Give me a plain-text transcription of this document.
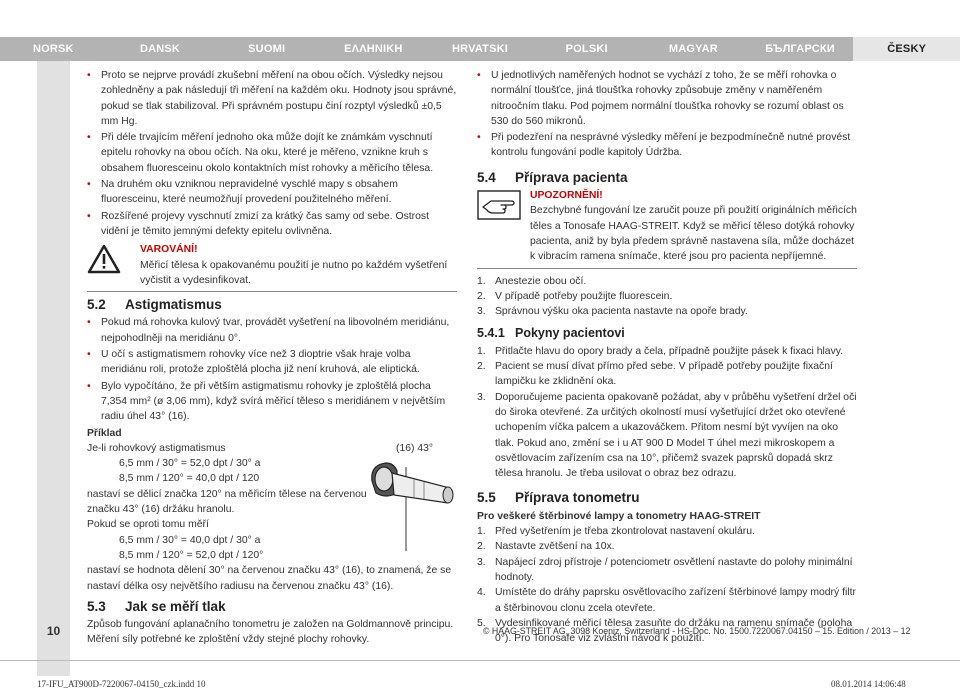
NORSK	DANSK	SUOMI	ΕΛΛΗΝΙΚΗ	HRVATSKI	POLSKI	MAGYAR	БЪЛГАРСКИ	ČESKY
10

• Proto se nejprve provádí zkušební měření na obou očích. Výsledky nejsou zohledněny a pak následují tři měření na každém oku. Hodnoty jsou správné, pokud se tlak stabilizoval. Při správném postupu činí rozptyl výsledků ±0,5 mm Hg.

• Při déle trvajícím měření jednoho oka může dojít ke známkám vyschnutí epitelu rohovky na obou očích. Na oku, které je měřeno, vznikne kruh s obsahem fluoresceinu okolo kontaktních míst rohovky a měřicího tělesa.

• Na druhém oku vzniknou nepravidelné vyschlé mapy s obsahem fluoresceinu, které neumožňují provedení použitelného měření.

• Rozšířené projevy vyschnutí zmizí za krátký čas samy od sebe. Ostrost vidění je těmito jemnými defekty epitelu ovlivněna.

VAROVÁNÍ!

Měřicí tělesa k opakovanému použití je nutno po každém vyšetření vyčistit a vydesinfikovat.

5.2 Astigmatismus

• Pokud má rohovka kulový tvar, provádět vyšetření na libovolném meridiánu, nejpohodlněji na meridiánu 0°.

• U očí s astigmatismem rohovky více než 3 dioptrie však hraje volba meridiánu roli, protože zploštělá plocha již není kruhová, ale eliptická.

• Bylo vypočítáno, že při větším astigmatismu rohovky je zploštělá plocha 7,354 mm² (ø 3,06 mm), když svírá měřicí těleso s meridiánem v největším radiu úhel 43° (16).

Příklad

Je-li rohovkový astigmatismus	(16) 43°

6,5 mm / 30° = 52,0 dpt / 30° a

8,5 mm / 120° = 40,0 dpt / 120

nastaví se dělicí značka 120° na měřicím tělese na červenou

značku 43° (16) držáku hranolu.

Pokud se oproti tomu měří

6,5 mm / 30° = 40,0 dpt / 30° a

8,5 mm / 120° = 52,0 dpt / 120°

nastaví se hodnota dělení 30° na červenou značku 43° (16), to znamená, že se nastaví délka osy největšího radiusu na červenou značku 43° (16).

5.3 Jak se měří tlak

Způsob fungování aplanačního tonometru je založen na Goldmannově principu. Měření síly potřebné ke zploštění vždy stejné plochy rohovky.

• U jednotlivých naměřených hodnot se vychází z toho, že se měří rohovka o normální tloušťce, jiná tloušťka rohovky způsobuje změny v naměřeném nitroočním tlaku. Pod pojmem normální tloušťka rohovky se rozumí oblast os 530 do 560 mikronů.

• Při podezření na nesprávné výsledky měření je bezpodmínečně nutné provést kontrolu fungování podle kapitoly Údržba.

5.4 Příprava pacienta

UPOZORNĚNÍ!

Bezchybné fungování lze zaručit pouze při použití originálních měřicích těles a Tonosafe HAAG-STREIT. Když se měřicí těleso dotýká rohovky pacienta, aniž by byla předem správně nastavena síla, může docházet k vibracím ramena snímače, které jsou pro pacienta nepříjemné.

1. Anestezie obou očí.

2. V případě potřeby použijte fluorescein.

3. Správnou výšku oka pacienta nastavte na opoře brady.

5.4.1 Pokyny pacientovi

1. Přitlačte hlavu do opory brady a čela, případně použijte pásek k fixaci hlavy.

2. Pacient se musí dívat přímo před sebe. V případě potřeby použijte fixační lampičku ke zklidnění oka.

3. Doporučujeme pacienta opakovaně požádat, aby v průběhu vyšetření držel oči do široka otevřené. Za určitých okolností musí vyšetřující držet oko otevřené uchopením víčka palcem a ukazováčkem. Přitom nesmí být vyvíjen na oko tlak. Pokud ano, změní se i u AT 900 D Model T úhel mezi mikroskopem a osvětlovacím zařízením csa na 10°, přičemž svazek paprsků dopadá skrz tělesa hranolu. Je třeba usilovat o obraz bez odrazu.

5.5 Příprava tonometru

Pro veškeré štěrbinové lampy a tonometry HAAG-STREIT

1. Před vyšetřením je třeba zkontrolovat nastavení okuláru.

2. Nastavte zvětšení na 10x.

3. Napájecí zdroj přístroje / potenciometr osvětlení nastavte do polohy minimální hodnoty.

4. Umístěte do dráhy paprsku osvětlovacího zařízení štěrbinové lampy modrý filtr a štěrbinovou clonu zcela otevřete.

5. Vydesinfikované měřicí tělesa zasuňte do držáku na ramenu snímače (poloha 0°). Pro Tonosafe viz zvláštní návod k použití.

© HAAG-STREIT AG, 3098 Koeniz, Switzerland - HS-Doc. No. 1500.7220067.04150 – 15. Edition / 2013 – 12
17-IFU_AT900D-7220067-04150_czk.indd 10	08.01.2014 14:06:48
